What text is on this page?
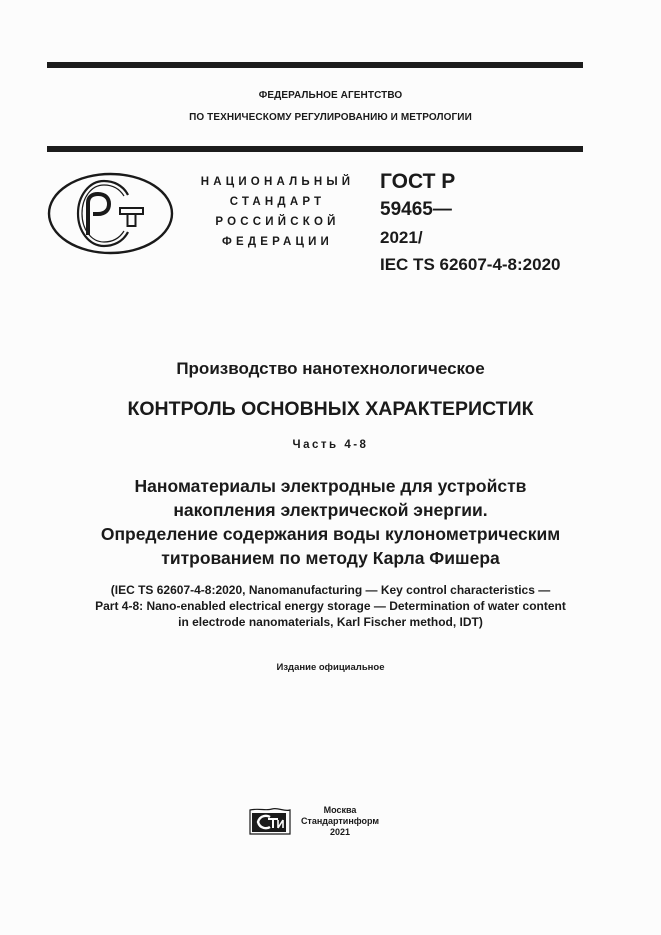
ФЕДЕРАЛЬНОЕ АГЕНТСТВО
ПО ТЕХНИЧЕСКОМУ РЕГУЛИРОВАНИЮ И МЕТРОЛОГИИ
НАЦИОНАЛЬНЫЙ
СТАНДАРТ
РОССИЙСКОЙ
ФЕДЕРАЦИИ
ГОСТ Р
59465—
2021/
IEC TS 62607-4-8:2020
Производство нанотехнологическое
КОНТРОЛЬ ОСНОВНЫХ ХАРАКТЕРИСТИК
Часть 4-8
Наноматериалы электродные для устройств
накопления электрической энергии.
Определение содержания воды кулонометрическим
титрованием по методу Карла Фишера
(IEC TS 62607-4-8:2020, Nanomanufacturing — Key control characteristics —
Part 4-8: Nano-enabled electrical energy storage — Determination of water content
in electrode nanomaterials, Karl Fischer method, IDT)
Издание официальное
Москва
Стандартинформ
2021
